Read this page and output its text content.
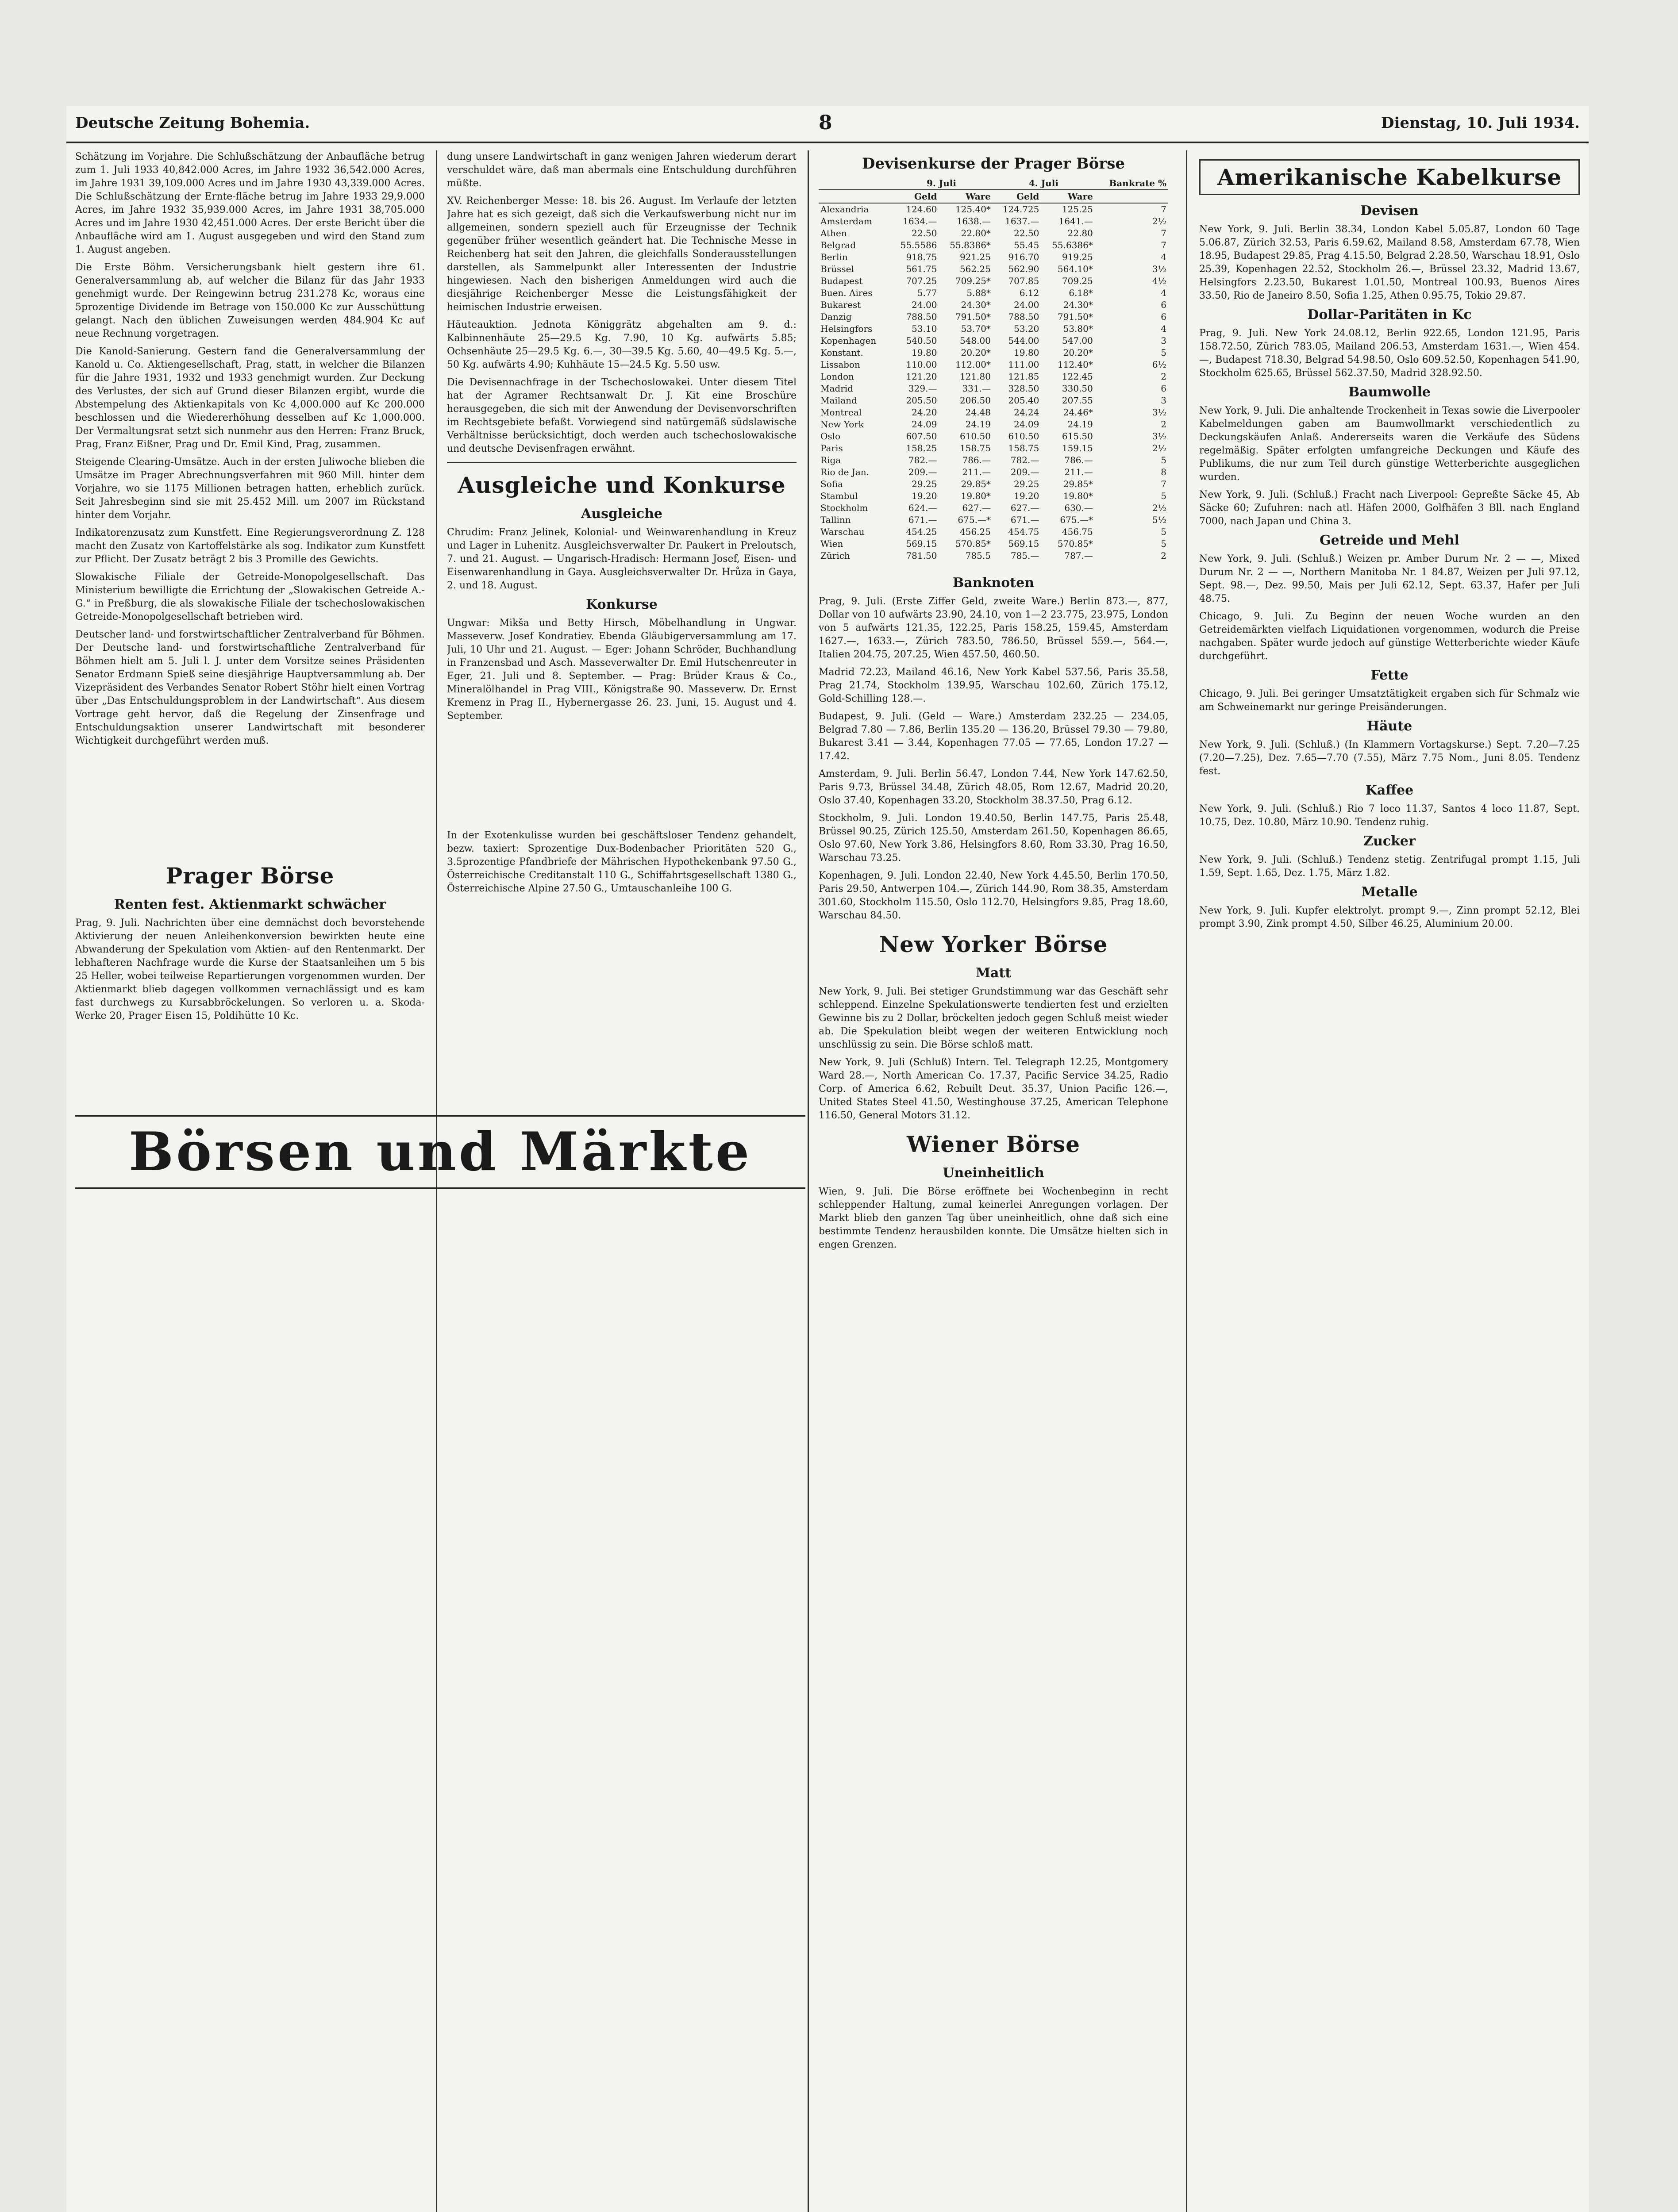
Deutsche Zeitung Bohemia.	8	Dienstag, 10. Juli 1934.

Schätzung im Vorjahre. Die Schlußschätzung der Anbaufläche betrug zum 1. Juli 1933 40,842.000 Acres, im Jahre 1932 36,542.000 Acres, im Jahre 1931 39,109.000 Acres und im Jahre 1930 43,339.000 Acres. Die Schlußschätzung der Ernte-fläche betrug im Jahre 1933 29,9.000 Acres, im Jahre 1932 35,939.000 Acres, im Jahre 1931 38,705.000 Acres und im Jahre 1930 42,451.000 Acres. Der erste Bericht über die Anbaufläche wird am 1. August ausgegeben und wird den Stand zum 1. August angeben.

Die Erste Böhm. Versicherungsbank hielt gestern ihre 61. Generalversammlung ab, auf welcher die Bilanz für das Jahr 1933 genehmigt wurde. Der Reingewinn betrug 231.278 Kc, woraus eine 5prozentige Dividende im Betrage von 150.000 Kc zur Ausschüttung gelangt. Nach den üblichen Zuweisungen werden 484.904 Kc auf neue Rechnung vorgetragen.

Die Kanold-Sanierung. Gestern fand die Generalversammlung der Kanold u. Co. Aktiengesellschaft, Prag, statt, in welcher die Bilanzen für die Jahre 1931, 1932 und 1933 genehmigt wurden. Zur Deckung des Verlustes, der sich auf Grund dieser Bilanzen ergibt, wurde die Abstempelung des Aktienkapitals von Kc 4,000.000 auf Kc 200.000 beschlossen und die Wiedererhöhung desselben auf Kc 1,000.000. Der Vermaltungsrat setzt sich nunmehr aus den Herren: Franz Bruck, Prag, Franz Eißner, Prag und Dr. Emil Kind, Prag, zusammen.

Steigende Clearing-Umsätze. Auch in der ersten Juliwoche blieben die Umsätze im Prager Abrechnungsverfahren mit 960 Mill. hinter dem Vorjahre, wo sie 1175 Millionen betragen hatten, erheblich zurück. Seit Jahresbeginn sind sie mit 25.452 Mill. um 2007 im Rückstand hinter dem Vorjahr.

Indikatorenzusatz zum Kunstfett. Eine Regierungsverordnung Z. 128 macht den Zusatz von Kartoffelstärke als sog. Indikator zum Kunstfett zur Pflicht. Der Zusatz beträgt 2 bis 3 Promille des Gewichts.

Slowakische Filiale der Getreide-Monopolgesellschaft. Das Ministerium bewilligte die Errichtung der „Slowakischen Getreide A.-G.“ in Preßburg, die als slowakische Filiale der tschechoslowakischen Getreide-Monopolgesellschaft betrieben wird.

Deutscher land- und forstwirtschaftlicher Zentralverband für Böhmen. Der Deutsche land- und forstwirtschaftliche Zentralverband für Böhmen hielt am 5. Juli l. J. unter dem Vorsitze seines Präsidenten Senator Erdmann Spieß seine diesjährige Hauptversammlung ab. Der Vizepräsident des Verbandes Senator Robert Stöhr hielt einen Vortrag über „Das Entschuldungsproblem in der Landwirtschaft“. Aus diesem Vortrage geht hervor, daß die Regelung der Zinsenfrage und Entschuldungsaktion unserer Landwirtschaft mit besonderer Wichtigkeit durchgeführt werden muß.

Prager Börse
Renten fest. Aktienmarkt schwächer

Prag, 9. Juli. Nachrichten über eine demnächst doch bevorstehende Aktivierung der neuen Anleihenkonversion bewirkten heute eine Abwanderung der Spekulation vom Aktien- auf den Rentenmarkt. Der lebhafteren Nachfrage wurde die Kurse der Staatsanleihen um 5 bis 25 Heller, wobei teilweise Repartierungen vorgenommen wurden. Der Aktienmarkt blieb dagegen vollkommen vernachlässigt und es kam fast durchwegs zu Kursabbröckelungen. So verloren u. a. Skoda-Werke 20, Prager Eisen 15, Poldihütte 10 Kc.

dung unsere Landwirtschaft in ganz wenigen Jahren wiederum derart verschuldet wäre, daß man abermals eine Entschuldung durchführen müßte.

XV. Reichenberger Messe: 18. bis 26. August. Im Verlaufe der letzten Jahre hat es sich gezeigt, daß sich die Verkaufswerbung nicht nur im allgemeinen, sondern speziell auch für Erzeugnisse der Technik gegenüber früher wesentlich geändert hat. Die Technische Messe in Reichenberg hat seit den Jahren, die gleichfalls Sonderausstellungen darstellen, als Sammelpunkt aller Interessenten der Industrie hingewiesen. Nach den bisherigen Anmeldungen wird auch die diesjährige Reichenberger Messe die Leistungsfähigkeit der heimischen Industrie erweisen.

Häuteauktion. Jednota Königgrätz abgehalten am 9. d.: Kalbinnenhäute 25—29.5 Kg. 7.90, 10 Kg. aufwärts 5.85; Ochsenhäute 25—29.5 Kg. 6.—, 30—39.5 Kg. 5.60, 40—49.5 Kg. 5.—, 50 Kg. aufwärts 4.90; Kuhhäute 15—24.5 Kg. 5.50 usw.

Die Devisennachfrage in der Tschechoslowakei. Unter diesem Titel hat der Agramer Rechtsanwalt Dr. J. Kit eine Broschüre herausgegeben, die sich mit der Anwendung der Devisenvorschriften im Rechtsgebiete befaßt. Vorwiegend sind natürgemäß südslawische Verhältnisse berücksichtigt, doch werden auch tschechoslowakische und deutsche Devisenfragen erwähnt.

Ausgleiche und Konkurse
Ausgleiche

Chrudim: Franz Jelinek, Kolonial- und Weinwarenhandlung in Kreuz und Lager in Luhenitz. Ausgleichsverwalter Dr. Paukert in Preloutsch, 7. und 21. August. — Ungarisch-Hradisch: Hermann Josef, Eisen- und Eisenwarenhandlung in Gaya. Ausgleichsverwalter Dr. Hrůza in Gaya, 2. und 18. August.

Konkurse

Ungwar: Mikša und Betty Hirsch, Möbelhandlung in Ungwar. Masseverw. Josef Kondratiev. Ebenda Gläubigerversammlung am 17. Juli, 10 Uhr und 21. August. — Eger: Johann Schröder, Buchhandlung in Franzensbad und Asch. Masseverwalter Dr. Emil Hutschenreuter in Eger, 21. Juli und 8. September. — Prag: Brüder Kraus & Co., Mineralölhandel in Prag VIII., Königstraße 90. Masseverw. Dr. Ernst Kremenz in Prag II., Hybernergasse 26. 23. Juni, 15. August und 4. September.

In der Exotenkulisse wurden bei geschäftsloser Tendenz gehandelt, bezw. taxiert: Sprozentige Dux-Bodenbacher Prioritäten 520 G., 3.5prozentige Pfandbriefe der Mährischen Hypothekenbank 97.50 G., Österreichische Creditanstalt 110 G., Schiffahrtsgesellschaft 1380 G., Österreichische Alpine 27.50 G., Umtauschanleihe 100 G.

Börsen und Märkte
Devisenkurse der Prager Börse
	9. Juli		4. Juli		Bankrate %
	Geld	Ware	Geld	Ware	
Alexandria	124.60	125.40*	124.725	125.25	7
Amsterdam	1634.—	1638.—	1637.—	1641.—	2½
Athen	22.50	22.80*	22.50	22.80	7
Belgrad	55.5586	55.8386*	55.45	55.6386*	7
Berlin	918.75	921.25	916.70	919.25	4
Brüssel	561.75	562.25	562.90	564.10*	3½
Budapest	707.25	709.25*	707.85	709.25	4½
Buen. Aires	5.77	5.88*	6.12	6.18*	4
Bukarest	24.00	24.30*	24.00	24.30*	6
Danzig	788.50	791.50*	788.50	791.50*	6
Helsingfors	53.10	53.70*	53.20	53.80*	4
Kopenhagen	540.50	548.00	544.00	547.00	3
Konstant.	19.80	20.20*	19.80	20.20*	5
Lissabon	110.00	112.00*	111.00	112.40*	6½
London	121.20	121.80	121.85	122.45	2
Madrid	329.—	331.—	328.50	330.50	6
Mailand	205.50	206.50	205.40	207.55	3
Montreal	24.20	24.48	24.24	24.46*	3½
New York	24.09	24.19	24.09	24.19	2
Oslo	607.50	610.50	610.50	615.50	3½
Paris	158.25	158.75	158.75	159.15	2½
Riga	782.—	786.—	782.—	786.—	5
Rio de Jan.	209.—	211.—	209.—	211.—	8
Sofia	29.25	29.85*	29.25	29.85*	7
Stambul	19.20	19.80*	19.20	19.80*	5
Stockholm	624.—	627.—	627.—	630.—	2½
Tallinn	671.—	675.—*	671.—	675.—*	5½
Warschau	454.25	456.25	454.75	456.75	5
Wien	569.15	570.85*	569.15	570.85*	5
Zürich	781.50	785.5	785.—	787.—	2
Banknoten

Prag, 9. Juli. (Erste Ziffer Geld, zweite Ware.) Berlin 873.—, 877, Dollar von 10 aufwärts 23.90, 24.10, von 1—2 23.775, 23.975, London von 5 aufwärts 121.35, 122.25, Paris 158.25, 159.45, Amsterdam 1627.—, 1633.—, Zürich 783.50, 786.50, Brüssel 559.—, 564.—, Italien 204.75, 207.25, Wien 457.50, 460.50.

Madrid 72.23, Mailand 46.16, New York Kabel 537.56, Paris 35.58, Prag 21.74, Stockholm 139.95, Warschau 102.60, Zürich 175.12, Gold-Schilling 128.—.

Budapest, 9. Juli. (Geld — Ware.) Amsterdam 232.25 — 234.05, Belgrad 7.80 — 7.86, Berlin 135.20 — 136.20, Brüssel 79.30 — 79.80, Bukarest 3.41 — 3.44, Kopenhagen 77.05 — 77.65, London 17.27 — 17.42.

Amsterdam, 9. Juli. Berlin 56.47, London 7.44, New York 147.62.50, Paris 9.73, Brüssel 34.48, Zürich 48.05, Rom 12.67, Madrid 20.20, Oslo 37.40, Kopenhagen 33.20, Stockholm 38.37.50, Prag 6.12.

Stockholm, 9. Juli. London 19.40.50, Berlin 147.75, Paris 25.48, Brüssel 90.25, Zürich 125.50, Amsterdam 261.50, Kopenhagen 86.65, Oslo 97.60, New York 3.86, Helsingfors 8.60, Rom 33.30, Prag 16.50, Warschau 73.25.

Kopenhagen, 9. Juli. London 22.40, New York 4.45.50, Berlin 170.50, Paris 29.50, Antwerpen 104.—, Zürich 144.90, Rom 38.35, Amsterdam 301.60, Stockholm 115.50, Oslo 112.70, Helsingfors 9.85, Prag 18.60, Warschau 84.50.

New Yorker Börse
Matt

New York, 9. Juli. Bei stetiger Grundstimmung war das Geschäft sehr schleppend. Einzelne Spekulationswerte tendierten fest und erzielten Gewinne bis zu 2 Dollar, bröckelten jedoch gegen Schluß meist wieder ab. Die Spekulation bleibt wegen der weiteren Entwicklung noch unschlüssig zu sein. Die Börse schloß matt.

New York, 9. Juli (Schluß) Intern. Tel. Telegraph 12.25, Montgomery Ward 28.—, North American Co. 17.37, Pacific Service 34.25, Radio Corp. of America 6.62, Rebuilt Deut. 35.37, Union Pacific 126.—, United States Steel 41.50, Westinghouse 37.25, American Telephone 116.50, General Motors 31.12.

Wiener Börse
Uneinheitlich

Wien, 9. Juli. Die Börse eröffnete bei Wochenbeginn in recht schleppender Haltung, zumal keinerlei Anregungen vorlagen. Der Markt blieb den ganzen Tag über uneinheitlich, ohne daß sich eine bestimmte Tendenz herausbilden konnte. Die Umsätze hielten sich in engen Grenzen.

Amerikanische Kabelkurse
Devisen

New York, 9. Juli. Berlin 38.34, London Kabel 5.05.87, London 60 Tage 5.06.87, Zürich 32.53, Paris 6.59.62, Mailand 8.58, Amsterdam 67.78, Wien 18.95, Budapest 29.85, Prag 4.15.50, Belgrad 2.28.50, Warschau 18.91, Oslo 25.39, Kopenhagen 22.52, Stockholm 26.—, Brüssel 23.32, Madrid 13.67, Helsingfors 2.23.50, Bukarest 1.01.50, Montreal 100.93, Buenos Aires 33.50, Rio de Janeiro 8.50, Sofia 1.25, Athen 0.95.75, Tokio 29.87.

Dollar-Paritäten in Kc

Prag, 9. Juli. New York 24.08.12, Berlin 922.65, London 121.95, Paris 158.72.50, Zürich 783.05, Mailand 206.53, Amsterdam 1631.—, Wien 454.—, Budapest 718.30, Belgrad 54.98.50, Oslo 609.52.50, Kopenhagen 541.90, Stockholm 625.65, Brüssel 562.37.50, Madrid 328.92.50.

Baumwolle

New York, 9. Juli. Die anhaltende Trockenheit in Texas sowie die Liverpooler Kabelmeldungen gaben am Baumwollmarkt verschiedentlich zu Deckungskäufen Anlaß. Andererseits waren die Verkäufe des Südens regelmäßig. Später erfolgten umfangreiche Deckungen und Käufe des Publikums, die nur zum Teil durch günstige Wetterberichte ausgeglichen wurden.

New York, 9. Juli. (Schluß.) Fracht nach Liverpool: Gepreßte Säcke 45, Ab Säcke 60; Zufuhren: nach atl. Häfen 2000, Golfhäfen 3 Bll. nach England 7000, nach Japan und China 3.

Getreide und Mehl

New York, 9. Juli. (Schluß.) Weizen pr. Amber Durum Nr. 2 — —, Mixed Durum Nr. 2 — —, Northern Manitoba Nr. 1 84.87, Weizen per Juli 97.12, Sept. 98.—, Dez. 99.50, Mais per Juli 62.12, Sept. 63.37, Hafer per Juli 48.75.

Chicago, 9. Juli. Zu Beginn der neuen Woche wurden an den Getreidemärkten vielfach Liquidationen vorgenommen, wodurch die Preise nachgaben. Später wurde jedoch auf günstige Wetterberichte wieder Käufe durchgeführt.

Fette

Chicago, 9. Juli. Bei geringer Umsatztätigkeit ergaben sich für Schmalz wie am Schweinemarkt nur geringe Preisänderungen.

Häute

New York, 9. Juli. (Schluß.) (In Klammern Vortagskurse.) Sept. 7.20—7.25 (7.20—7.25), Dez. 7.65—7.70 (7.55), März 7.75 Nom., Juni 8.05. Tendenz fest.

Kaffee

New York, 9. Juli. (Schluß.) Rio 7 loco 11.37, Santos 4 loco 11.87, Sept. 10.75, Dez. 10.80, März 10.90. Tendenz ruhig.

Zucker

New York, 9. Juli. (Schluß.) Tendenz stetig. Zentrifugal prompt 1.15, Juli 1.59, Sept. 1.65, Dez. 1.75, März 1.82.

Metalle

New York, 9. Juli. Kupfer elektrolyt. prompt 9.—, Zinn prompt 52.12, Blei prompt 3.90, Zink prompt 4.50, Silber 46.25, Aluminium 20.00.
